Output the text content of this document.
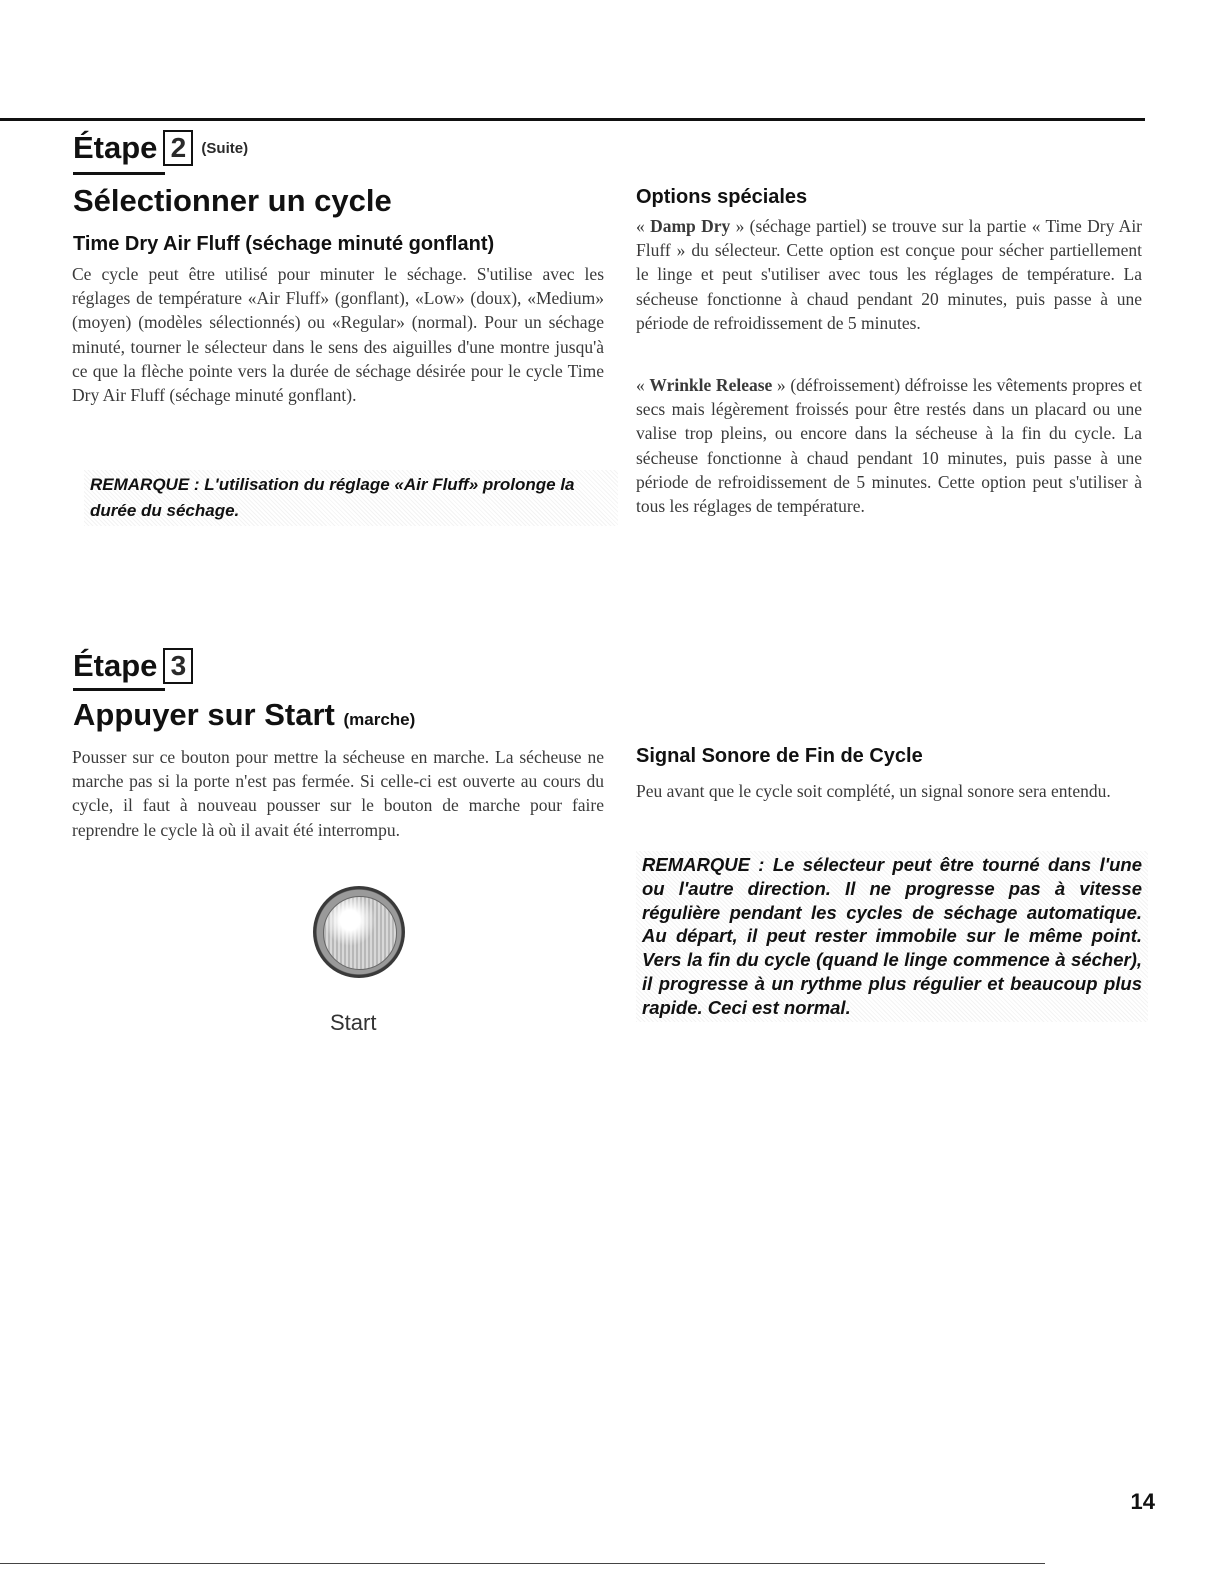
Étape 2 (Suite)
Sélectionner un cycle
Time Dry Air Fluff (séchage minuté gonflant)

Ce cycle peut être utilisé pour minuter le séchage. S'utilise avec les réglages de température «Air Fluff» (gonflant), «Low» (doux), «Medium» (moyen) (modèles sélectionnés) ou «Regular» (normal). Pour un séchage minuté, tourner le sélecteur dans le sens des aiguilles d'une montre jusqu'à ce que la flèche pointe vers la durée de séchage désirée pour le cycle Time Dry Air Fluff (séchage minuté gonflant).

REMARQUE : L'utilisation du réglage «Air Fluff» prolonge la durée du séchage.

Options spéciales

« Damp Dry » (séchage partiel) se trouve sur la partie « Time Dry Air Fluff » du sélecteur. Cette option est conçue pour sécher partiellement le linge et peut s'utiliser avec tous les réglages de température. La sécheuse fonctionne à chaud pendant 20 minutes, puis passe à une période de refroidissement de 5 minutes.

« Wrinkle Release » (défroissement) défroisse les vêtements propres et secs mais légèrement froissés pour être restés dans un placard ou une valise trop pleins, ou encore dans la sécheuse à la fin du cycle. La sécheuse fonctionne à chaud pendant 10 minutes, puis passe à une période de refroidissement de 5 minutes. Cette option peut s'utiliser à tous les réglages de température.

Étape 3
Appuyer sur Start (marche)

Pousser sur ce bouton pour mettre la sécheuse en marche. La sécheuse ne marche pas si la porte n'est pas fermée. Si celle-ci est ouverte au cours du cycle, il faut à nouveau pousser sur le bouton de marche pour faire reprendre le cycle là où il avait été interrompu.

Start
Signal Sonore de Fin de Cycle

Peu avant que le cycle soit complété, un signal sonore sera entendu.

REMARQUE : Le sélecteur peut être tourné dans l'une ou l'autre direction. Il ne progresse pas à vitesse régulière pendant les cycles de séchage automatique. Au départ, il peut rester immobile sur le même point. Vers la fin du cycle (quand le linge commence à sécher), il progresse à un rythme plus régulier et beaucoup plus rapide. Ceci est normal.

14
